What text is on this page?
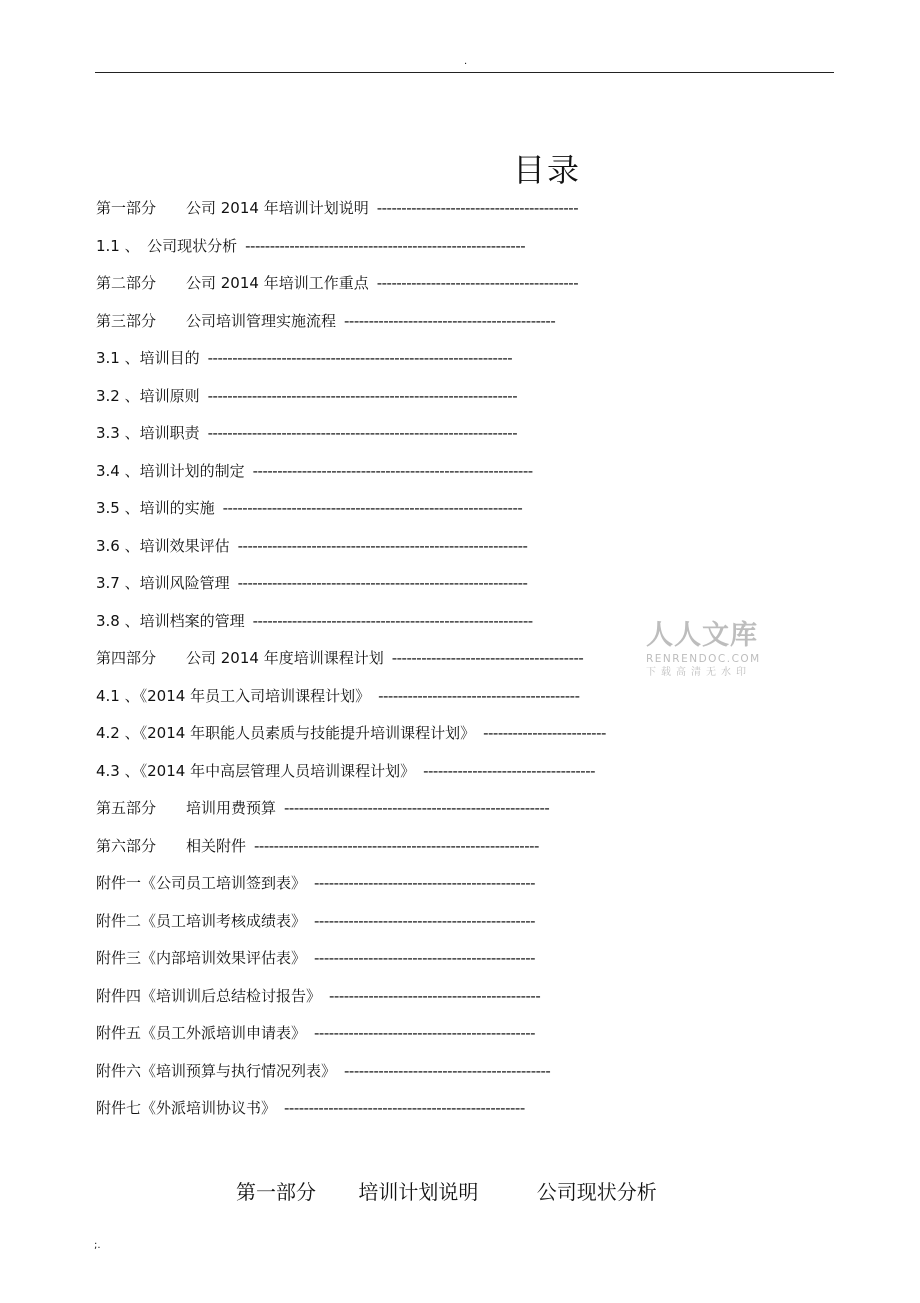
.
目录
第一部分　　公司 2014 年培训计划说明 -----------------------------------------
1.1 、　公司现状分析 ---------------------------------------------------------
第二部分　　公司 2014 年培训工作重点 -----------------------------------------
第三部分　　公司培训管理实施流程 -------------------------------------------
3.1 、培训目的 --------------------------------------------------------------
3.2 、培训原则 ---------------------------------------------------------------
3.3 、培训职责 ---------------------------------------------------------------
3.4 、培训计划的制定 ---------------------------------------------------------
3.5 、培训的实施 -------------------------------------------------------------
3.6 、培训效果评估 -----------------------------------------------------------
3.7 、培训风险管理 -----------------------------------------------------------
3.8 、培训档案的管理 ---------------------------------------------------------
第四部分　　公司 2014 年度培训课程计划 ---------------------------------------
4.1 、《2014 年员工入司培训课程计划》 -----------------------------------------
4.2 、《2014 年职能人员素质与技能提升培训课程计划》 -------------------------
4.3 、《2014 年中高层管理人员培训课程计划》 -----------------------------------
第五部分　　培训用费预算 ------------------------------------------------------
第六部分　　相关附件 ----------------------------------------------------------
附件一《公司员工培训签到表》 ---------------------------------------------
附件二《员工培训考核成绩表》 ---------------------------------------------
附件三《内部培训效果评估表》 ---------------------------------------------
附件四《培训训后总结检讨报告》 -------------------------------------------
附件五《员工外派培训申请表》 ---------------------------------------------
附件六《培训预算与执行情况列表》 ------------------------------------------
附件七《外派培训协议书》 -------------------------------------------------
人人文库
RENRENDOC.COM
下载高清无水印
第一部分 培训计划说明	公司现状分析
;.
